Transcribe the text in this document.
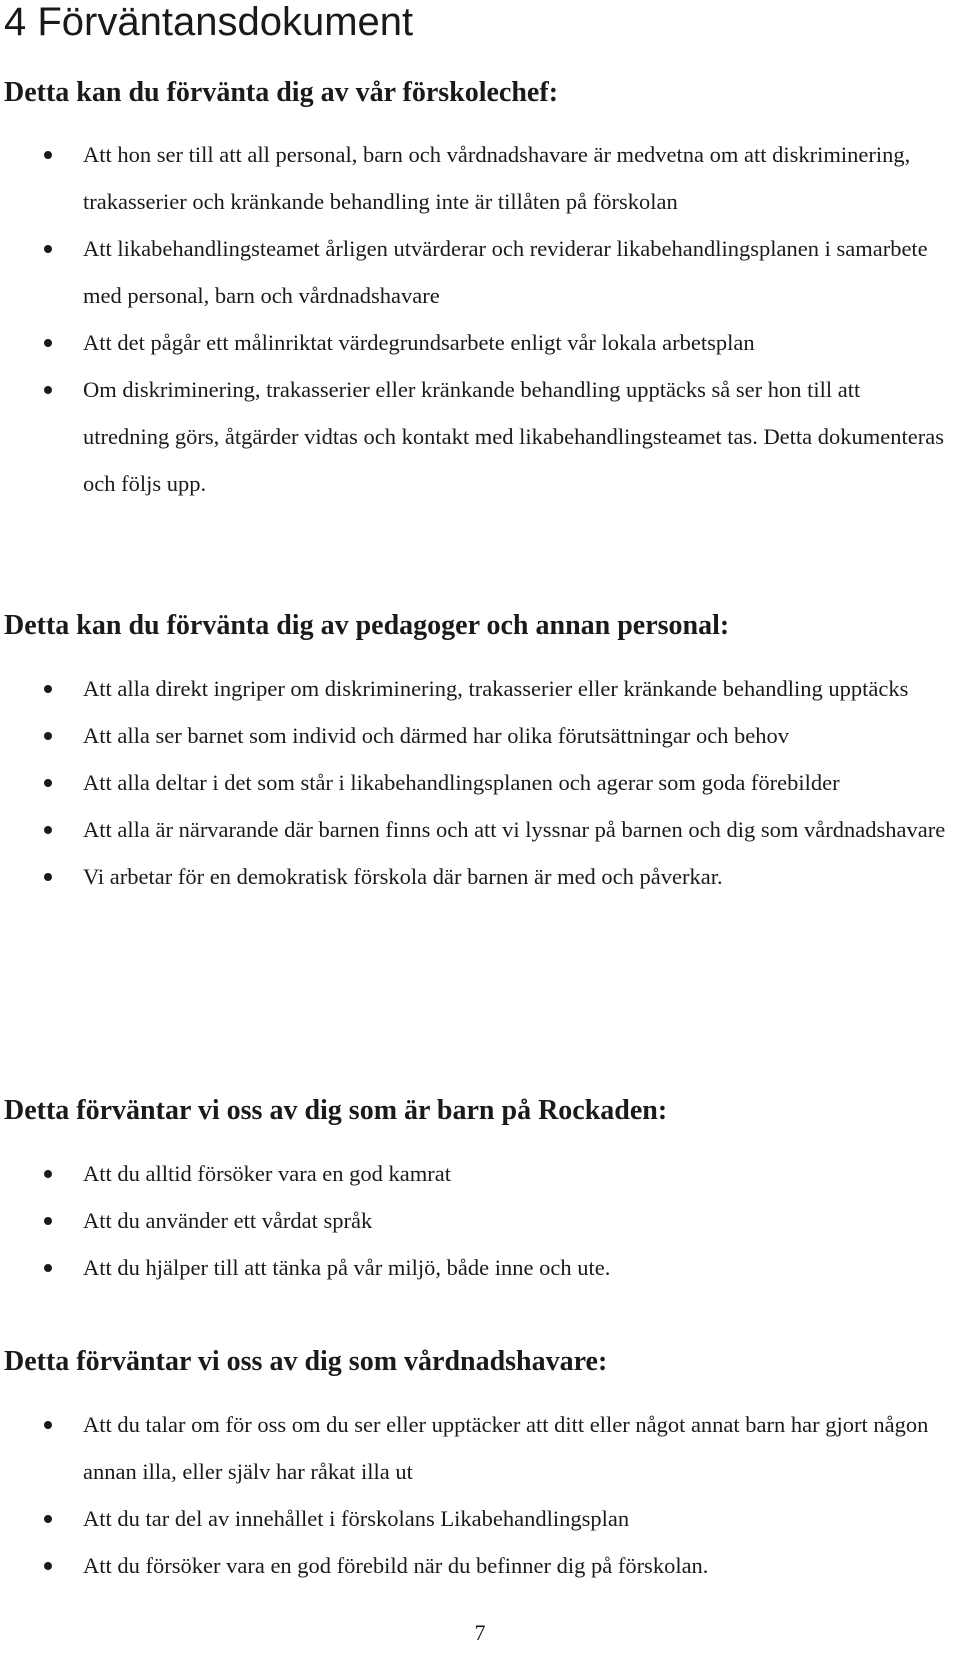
4 Förväntansdokument
Detta kan du förvänta dig av vår förskolechef:
Att hon ser till att all personal, barn och vårdnadshavare är medvetna om att diskriminering, trakasserier och kränkande behandling inte är tillåten på förskolan
Att likabehandlingsteamet årligen utvärderar och reviderar likabehandlingsplanen i samarbete med personal, barn och vårdnadshavare
Att det pågår ett målinriktat värdegrundsarbete enligt vår lokala arbetsplan
Om diskriminering, trakasserier eller kränkande behandling upptäcks så ser hon till att utredning görs, åtgärder vidtas och kontakt med likabehandlingsteamet tas. Detta dokumenteras och följs upp.
Detta kan du förvänta dig av pedagoger och annan personal:
Att alla direkt ingriper om diskriminering, trakasserier eller kränkande behandling upptäcks
Att alla ser barnet som individ och därmed har olika förutsättningar och behov
Att alla deltar i det som står i likabehandlingsplanen och agerar som goda förebilder
Att alla är närvarande där barnen finns och att vi lyssnar på barnen och dig som vårdnadshavare
Vi arbetar för en demokratisk förskola där barnen är med och påverkar.
Detta förväntar vi oss av dig som är barn på Rockaden:
Att du alltid försöker vara en god kamrat
Att du använder ett vårdat språk
Att du hjälper till att tänka på vår miljö, både inne och ute.
Detta förväntar vi oss av dig som vårdnadshavare:
Att du talar om för oss om du ser eller upptäcker att ditt eller något annat barn har gjort någon annan illa, eller själv har råkat illa ut
Att du tar del av innehållet i förskolans Likabehandlingsplan
Att du försöker vara en god förebild när du befinner dig på förskolan.
7
